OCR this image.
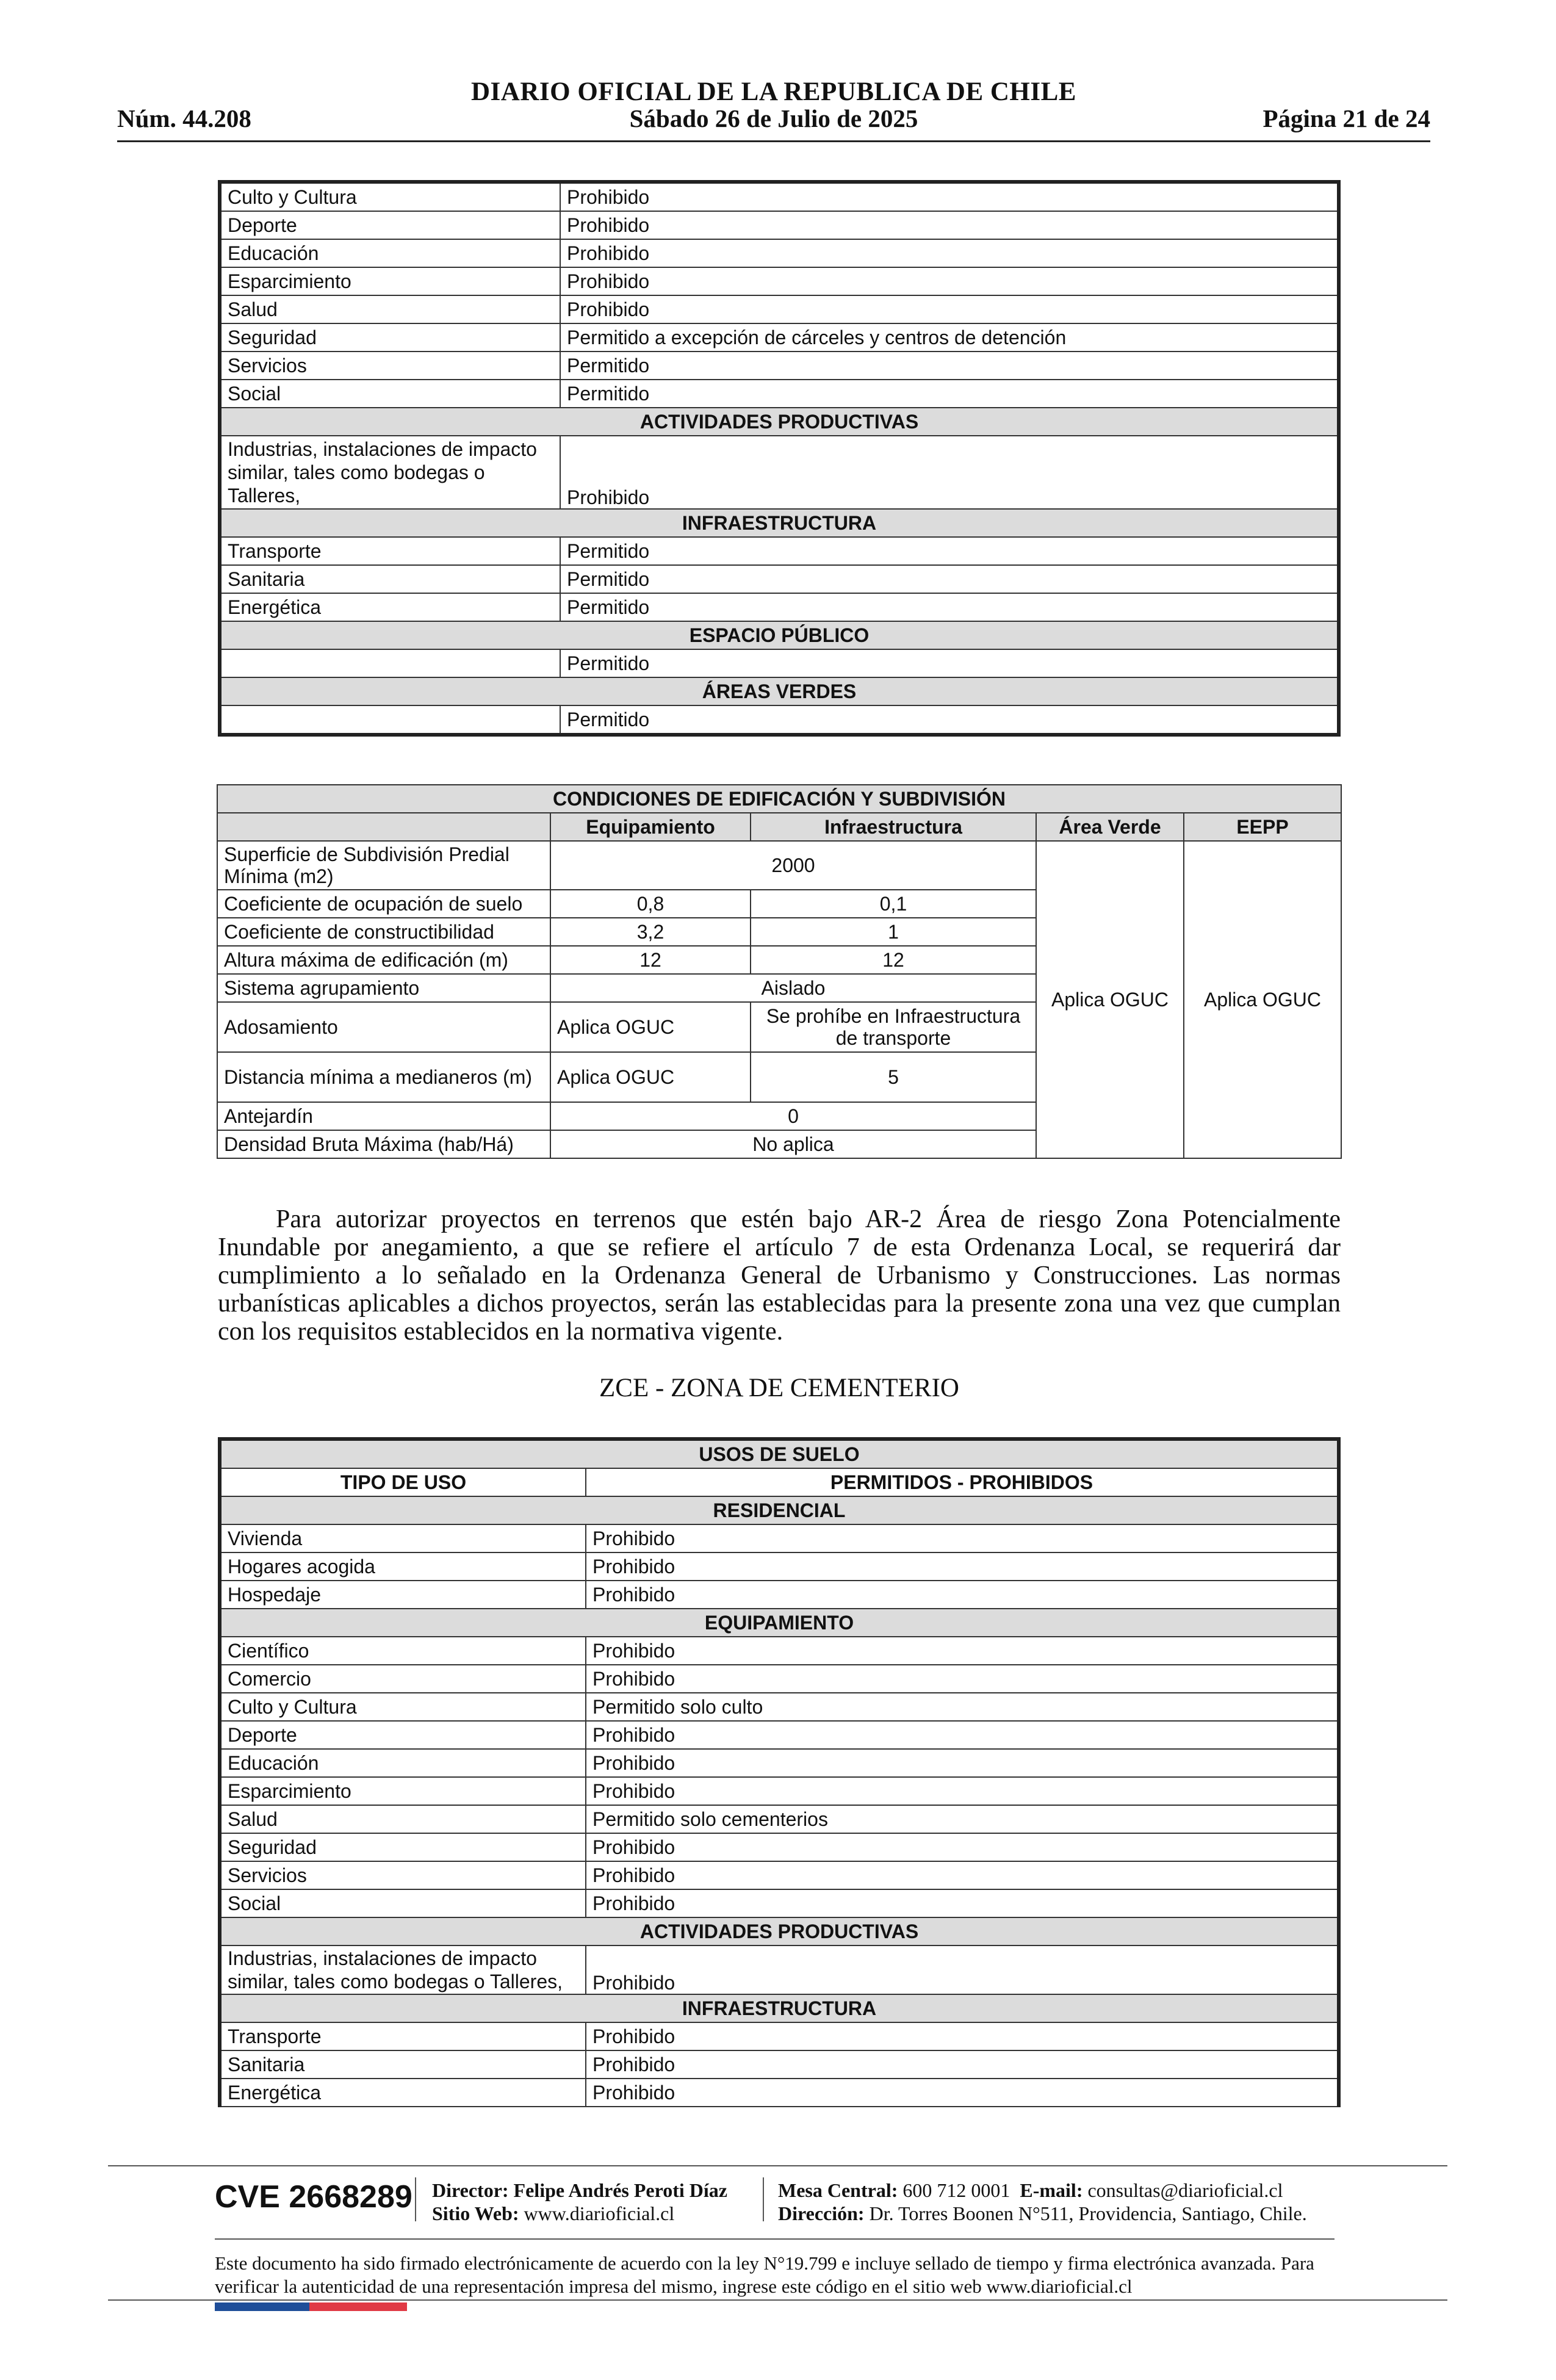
DIARIO OFICIAL DE LA REPUBLICA DE CHILE
Núm. 44.208	Sábado 26 de Julio de 2025	Página 21 de 24
Culto y Cultura	Prohibido
Deporte	Prohibido
Educación	Prohibido
Esparcimiento	Prohibido
Salud	Prohibido
Seguridad	Permitido a excepción de cárceles y centros de detención
Servicios	Permitido
Social	Permitido
ACTIVIDADES PRODUCTIVAS	
Industrias, instalaciones de impacto similar, tales como bodegas o Talleres,	Prohibido
INFRAESTRUCTURA	
Transporte	Permitido
Sanitaria	Permitido
Energética	Permitido
ESPACIO PÚBLICO	
	Permitido
ÁREAS VERDES	
	Permitido
CONDICIONES DE EDIFICACIÓN Y SUBDIVISIÓN				
	Equipamiento	Infraestructura	Área Verde	EEPP
Superficie de Subdivisión Predial Mínima (m2)	2000		Aplica OGUC	Aplica OGUC
Coeficiente de ocupación de suelo	0,8	0,1		
Coeficiente de constructibilidad	3,2	1		
Altura máxima de edificación (m)	12	12		
Sistema agrupamiento	Aislado			
Adosamiento	Aplica OGUC	Se prohíbe en Infraestructura de transporte		
Distancia mínima a medianeros (m)	Aplica OGUC	5		
Antejardín	0			
Densidad Bruta Máxima (hab/Há)	No aplica			
Para autorizar proyectos en terrenos que estén bajo AR-2 Área de riesgo Zona Potencialmente Inundable por anegamiento, a que se refiere el artículo 7 de esta Ordenanza Local, se requerirá dar cumplimiento a lo señalado en la Ordenanza General de Urbanismo y Construcciones. Las normas urbanísticas aplicables a dichos proyectos, serán las establecidas para la presente zona una vez que cumplan con los requisitos establecidos en la normativa vigente.
ZCE - ZONA DE CEMENTERIO
USOS DE SUELO	
TIPO DE USO	PERMITIDOS - PROHIBIDOS
RESIDENCIAL	
Vivienda	Prohibido
Hogares acogida	Prohibido
Hospedaje	Prohibido
EQUIPAMIENTO	
Científico	Prohibido
Comercio	Prohibido
Culto y Cultura	Permitido solo culto
Deporte	Prohibido
Educación	Prohibido
Esparcimiento	Prohibido
Salud	Permitido solo cementerios
Seguridad	Prohibido
Servicios	Prohibido
Social	Prohibido
ACTIVIDADES PRODUCTIVAS	
Industrias, instalaciones de impacto similar, tales como bodegas o Talleres,	Prohibido
INFRAESTRUCTURA	
Transporte	Prohibido
Sanitaria	Prohibido
Energética	Prohibido
CVE 2668289 Director: Felipe Andrés Peroti Díaz
Sitio Web: www.diarioficial.cl
Mesa Central: 600 712 0001 E-mail: consultas@diarioficial.cl
Dirección: Dr. Torres Boonen N°511, Providencia, Santiago, Chile.
Este documento ha sido firmado electrónicamente de acuerdo con la ley N°19.799 e incluye sellado de tiempo y firma electrónica avanzada. Para verificar la autenticidad de una representación impresa del mismo, ingrese este código en el sitio web www.diarioficial.cl
